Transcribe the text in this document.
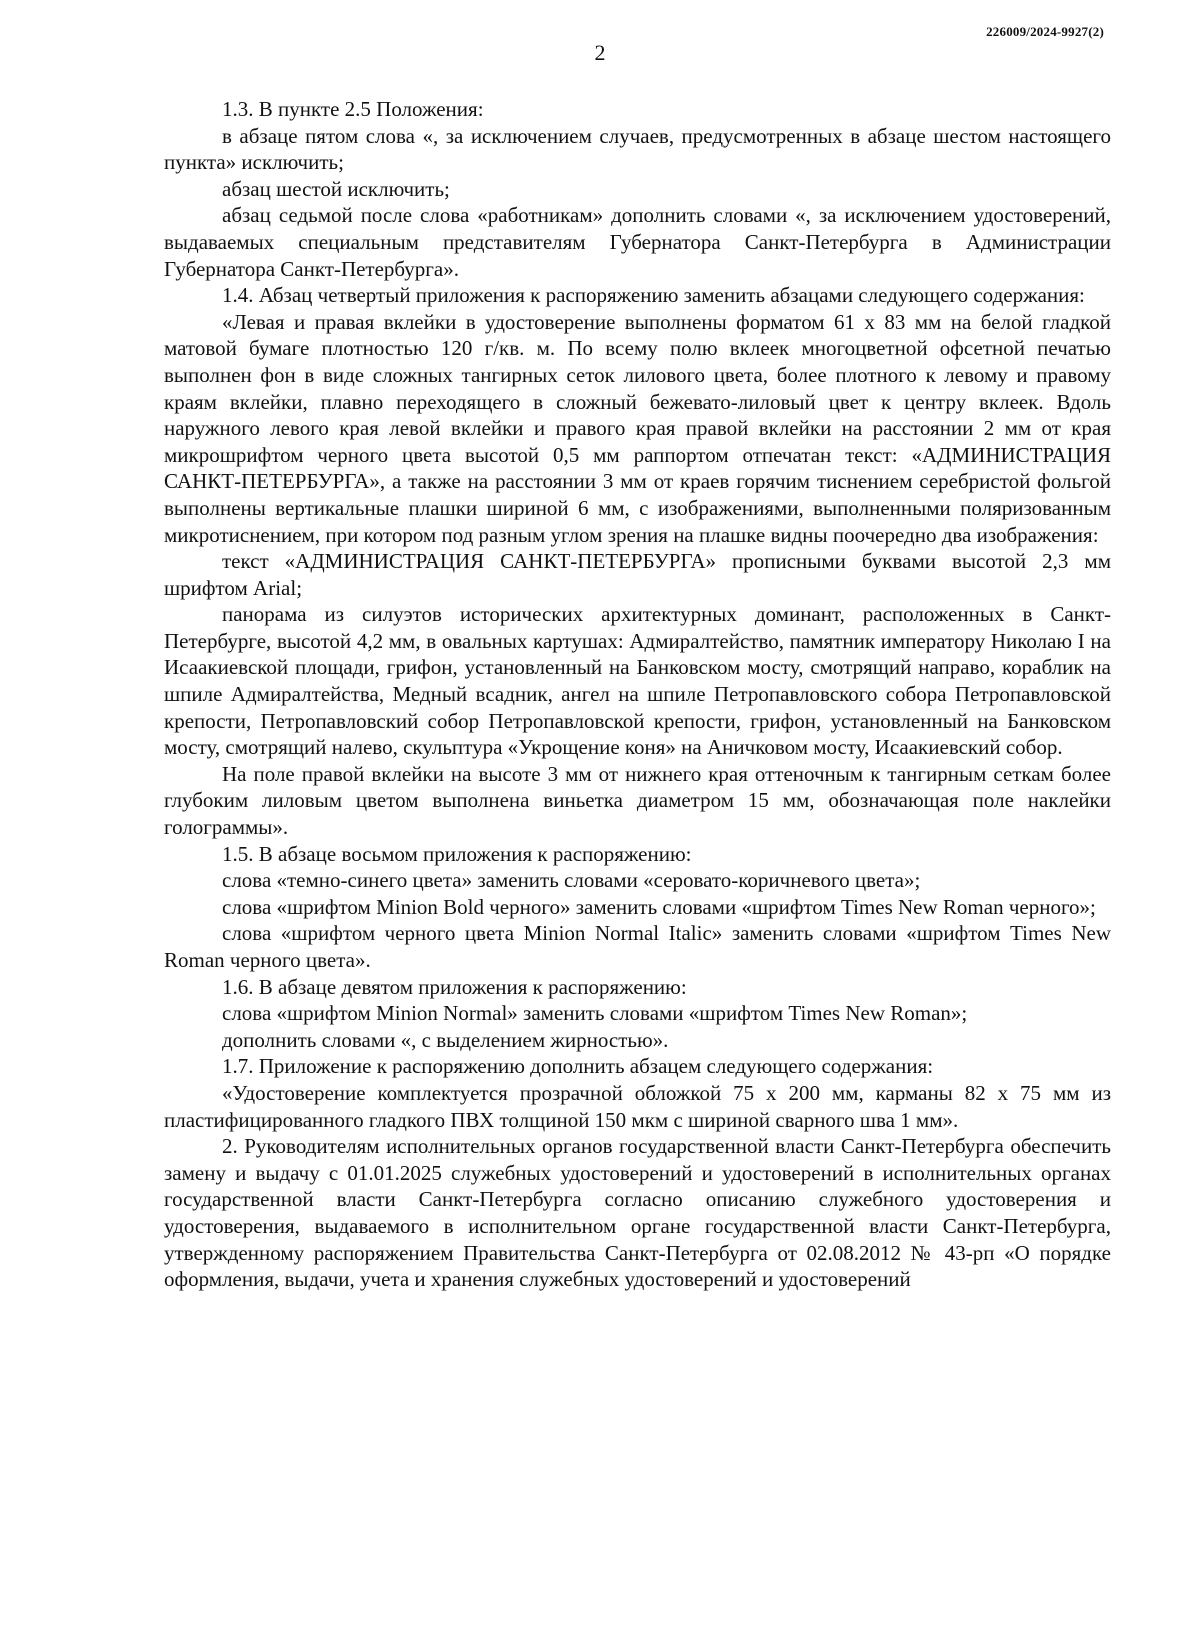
226009/2024-9927(2)
2

1.3. В пункте 2.5 Положения:

в абзаце пятом слова «, за исключением случаев, предусмотренных в абзаце шестом настоящего пункта» исключить;

абзац шестой исключить;

абзац седьмой после слова «работникам» дополнить словами «, за исключением удостоверений, выдаваемых специальным представителям Губернатора Санкт-Петербурга в Администрации Губернатора Санкт-Петербурга».

1.4. Абзац четвертый приложения к распоряжению заменить абзацами следующего содержания:

«Левая и правая вклейки в удостоверение выполнены форматом 61 х 83 мм на белой гладкой матовой бумаге плотностью 120 г/кв. м. По всему полю вклеек многоцветной офсетной печатью выполнен фон в виде сложных тангирных сеток лилового цвета, более плотного к левому и правому краям вклейки, плавно переходящего в сложный бежевато-лиловый цвет к центру вклеек. Вдоль наружного левого края левой вклейки и правого края правой вклейки на расстоянии 2 мм от края микрошрифтом черного цвета высотой 0,5 мм раппортом отпечатан текст: «АДМИНИСТРАЦИЯ САНКТ-ПЕТЕРБУРГА», а также на расстоянии 3 мм от краев горячим тиснением серебристой фольгой выполнены вертикальные плашки шириной 6 мм, с изображениями, выполненными поляризованным микротиснением, при котором под разным углом зрения на плашке видны поочередно два изображения:

текст «АДМИНИСТРАЦИЯ САНКТ-ПЕТЕРБУРГА» прописными буквами высотой 2,3 мм шрифтом Arial;

панорама из силуэтов исторических архитектурных доминант, расположенных в Санкт-Петербурге, высотой 4,2 мм, в овальных картушах: Адмиралтейство, памятник императору Николаю I на Исаакиевской площади, грифон, установленный на Банковском мосту, смотрящий направо, кораблик на шпиле Адмиралтейства, Медный всадник, ангел на шпиле Петропавловского собора Петропавловской крепости, Петропавловский собор Петропавловской крепости, грифон, установленный на Банковском мосту, смотрящий налево, скульптура «Укрощение коня» на Аничковом мосту, Исаакиевский собор.

На поле правой вклейки на высоте 3 мм от нижнего края оттеночным к тангирным сеткам более глубоким лиловым цветом выполнена виньетка диаметром 15 мм, обозначающая поле наклейки голограммы».

1.5. В абзаце восьмом приложения к распоряжению:

слова «темно-синего цвета» заменить словами «серовато-коричневого цвета»;

слова «шрифтом Minion Bold черного» заменить словами «шрифтом Times New Roman черного»;

слова «шрифтом черного цвета Minion Normal Italic» заменить словами «шрифтом Times New Roman черного цвета».

1.6. В абзаце девятом приложения к распоряжению:

слова «шрифтом Minion Normal» заменить словами «шрифтом Times New Roman»;

дополнить словами «, с выделением жирностью».

1.7. Приложение к распоряжению дополнить абзацем следующего содержания:

«Удостоверение комплектуется прозрачной обложкой 75 х 200 мм, карманы 82 х 75 мм из пластифицированного гладкого ПВХ толщиной 150 мкм с шириной сварного шва 1 мм».

2. Руководителям исполнительных органов государственной власти Санкт-Петербурга обеспечить замену и выдачу с 01.01.2025 служебных удостоверений и удостоверений в исполнительных органах государственной власти Санкт-Петербурга согласно описанию служебного удостоверения и удостоверения, выдаваемого в исполнительном органе государственной власти Санкт-Петербурга, утвержденному распоряжением Правительства Санкт-Петербурга от 02.08.2012 № 43-рп «О порядке оформления, выдачи, учета и хранения служебных удостоверений и удостоверений
